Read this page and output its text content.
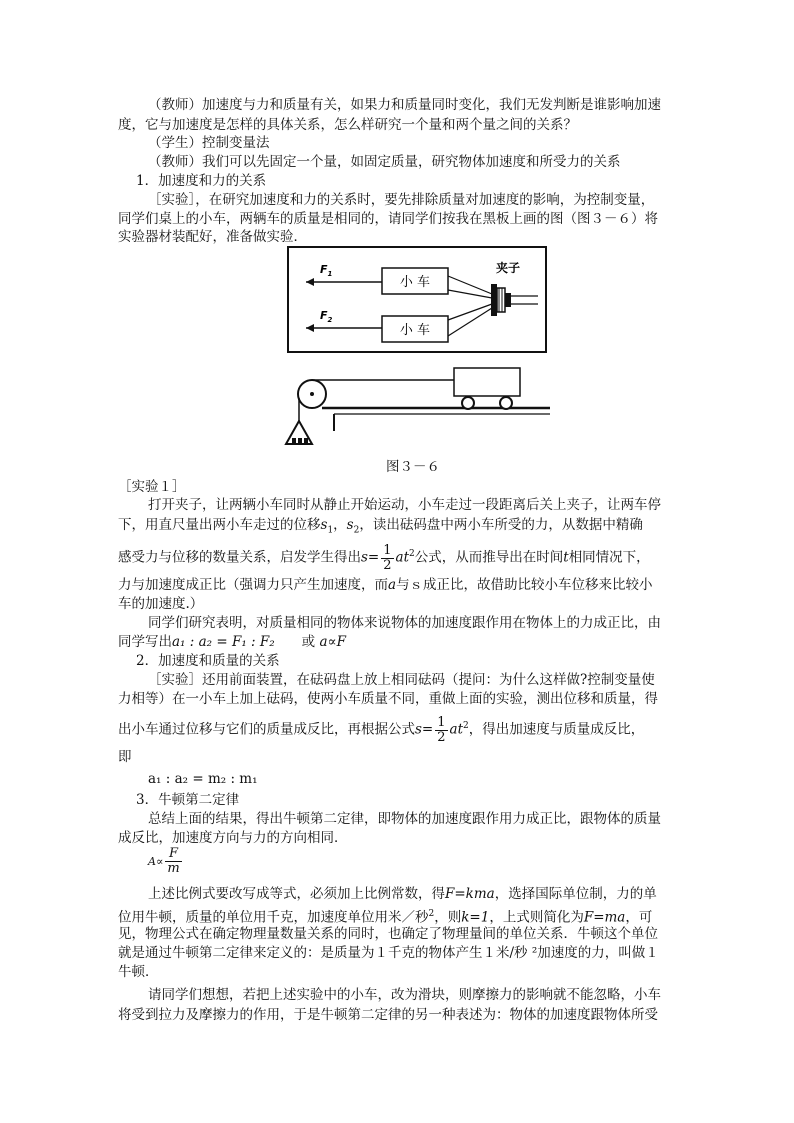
（教师）加速度与力和质量有关，如果力和质量同时变化，我们无发判断是谁影响加速
度，它与加速度是怎样的具体关系，怎么样研究一个量和两个量之间的关系？
（学生）控制变量法
（教师）我们可以先固定一个量，如固定质量，研究物体加速度和所受力的关系
1．加速度和力的关系
［实验］，在研究加速度和力的关系时，要先排除质量对加速度的影响，为控制变量，
同学们桌上的小车，两辆车的质量是相同的，请同学们按我在黑板上画的图（图３－６）将
实验器材装配好，准备做实验．
$F_1$
$F_2$
小 车
小 车
夹子
图３－６
［实验１］
打开夹子，让两辆小车同时从静止开始运动，小车走过一段距离后关上夹子，让两车停
下，用直尺量出两小车走过的位移$s_1$，$s_2$，读出砝码盘中两小车所受的力，从数据中精确
感受力与位移的数量关系，启发学生得出$s= \frac{1}{2} at^2$公式，从而推导出在时间t相同情况下，
力与加速度成正比（强调力只产生加速度，而a与ｓ成正比，故借助比较小车位移来比较小
车的加速度.）
同学们研究表明，对质量相同的物体来说物体的加速度跟作用在物体上的力成正比，由
同学写出a₁ : a₂ = F₁ : F₂　　 或 a∝F
2．加速度和质量的关系
［实验］还用前面装置，在砝码盘上放上相同砝码（提问：为什么这样做?控制变量使
力相等）在一小车上加上砝码，使两小车质量不同，重做上面的实验，测出位移和质量，得
出小车通过位移与它们的质量成反比，再根据公式$s= \frac{1}{2} at^2$，得出加速度与质量成反比，
即
a₁ : a₂ = m₂ : m₁
3．牛顿第二定律
总结上面的结果，得出牛顿第二定律，即物体的加速度跟作用力成正比，跟物体的质量
成反比，加速度方向与力的方向相同．
$A\propto \frac{F}{m}$
上述比例式要改写成等式，必须加上比例常数，得F=kma，选择国际单位制，力的单
位用牛顿，质量的单位用千克，加速度单位用米／秒$^2$，则k=1，上式则简化为F=ma，可
见，物理公式在确定物理量数量关系的同时，也确定了物理量间的单位关系．牛顿这个单位
就是通过牛顿第二定律来定义的：是质量为１千克的物体产生１米/秒 ²加速度的力，叫做１
牛顿．
请同学们想想，若把上述实验中的小车，改为滑块，则摩擦力的影响就不能忽略，小车
将受到拉力及摩擦力的作用，于是牛顿第二定律的另一种表述为：物体的加速度跟物体所受
